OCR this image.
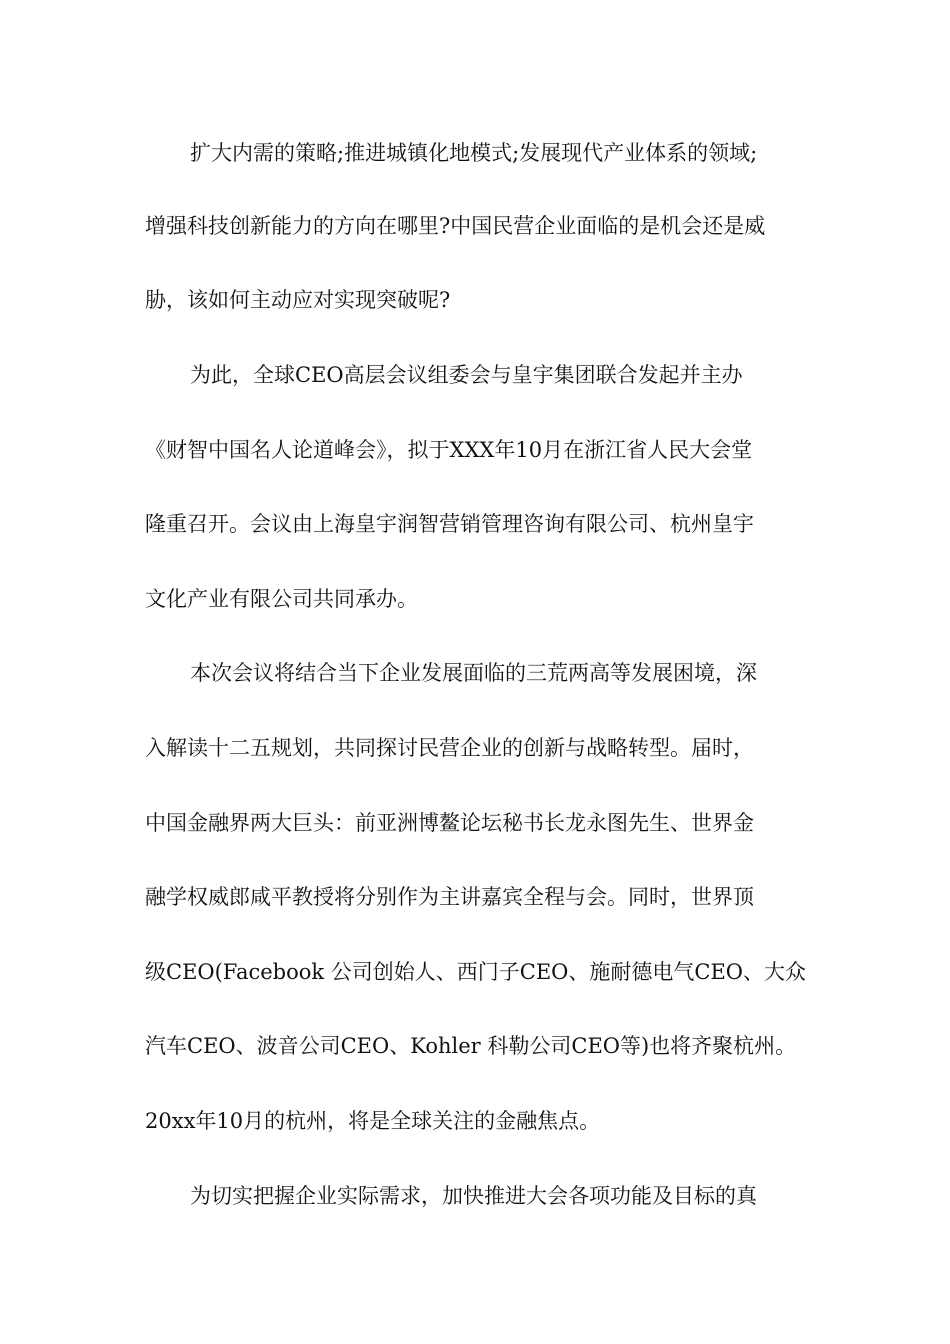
扩大内需的策略;推进城镇化地模式;发展现代产业体系的领域;
增强科技创新能力的方向在哪里?中国民营企业面临的是机会还是威
胁，该如何主动应对实现突破呢?
为此，全球CEO高层会议组委会与皇宇集团联合发起并主办
《财智中国名人论道峰会》，拟于XXX年10月在浙江省人民大会堂
隆重召开。会议由上海皇宇润智营销管理咨询有限公司、杭州皇宇
文化产业有限公司共同承办。
本次会议将结合当下企业发展面临的三荒两高等发展困境，深
入解读十二五规划，共同探讨民营企业的创新与战略转型。届时，
中国金融界两大巨头：前亚洲博鳌论坛秘书长龙永图先生、世界金
融学权威郎咸平教授将分别作为主讲嘉宾全程与会。同时，世界顶
级CEO(Facebook 公司创始人、西门子CEO、施耐德电气CEO、大众
汽车CEO、波音公司CEO、Kohler 科勒公司CEO等)也将齐聚杭州。
20xx年10月的杭州，将是全球关注的金融焦点。
为切实把握企业实际需求，加快推进大会各项功能及目标的真
